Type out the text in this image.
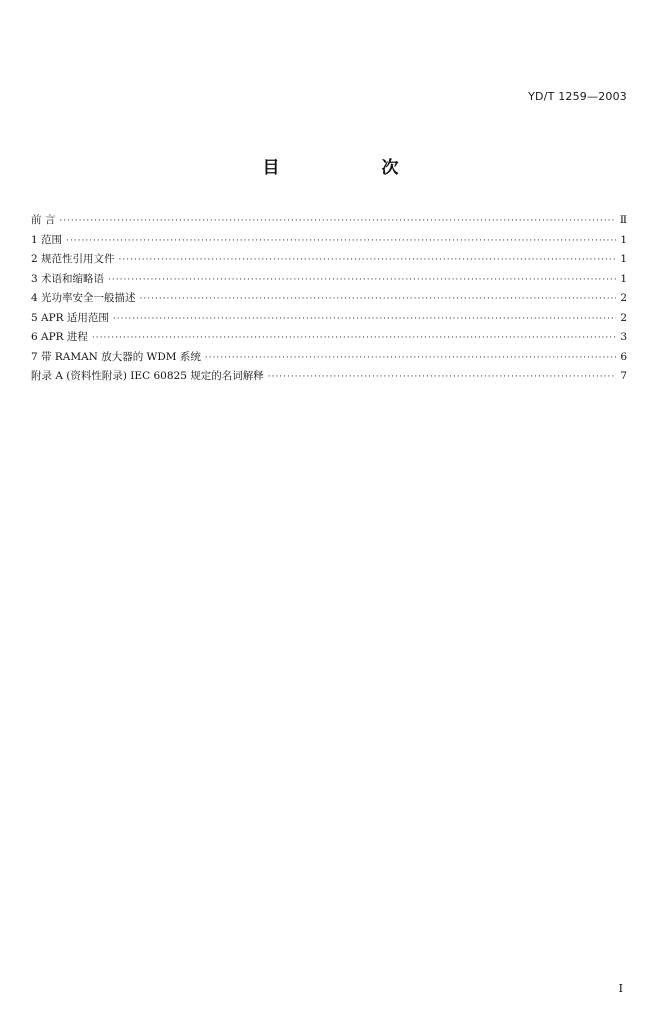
YD/T 1259—2003
目 次
前 言 ·····	Ⅱ
1 范围 ·····	1
2 规范性引用文件 ·····	1
3 术语和缩略语 ·····	1
4 光功率安全一般描述 ·····	2
5 APR 适用范围 ·····	2
6 APR 进程 ·····	3
7 带 RAMAN 放大器的 WDM 系统 ·····	6
附录 A (资料性附录) IEC 60825 规定的名词解释 ·····	7
I
